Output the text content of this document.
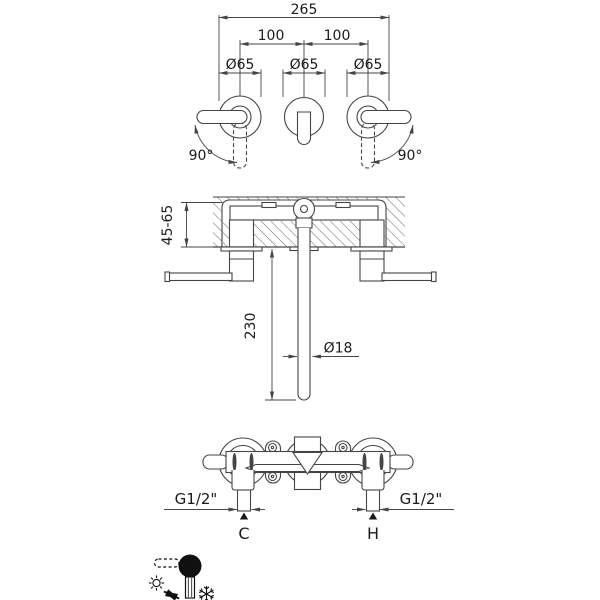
265
100	100
Ø65	Ø65	Ø65
90°	90°
45-65
230
Ø18
G1/2"	G1/2"
C	H
